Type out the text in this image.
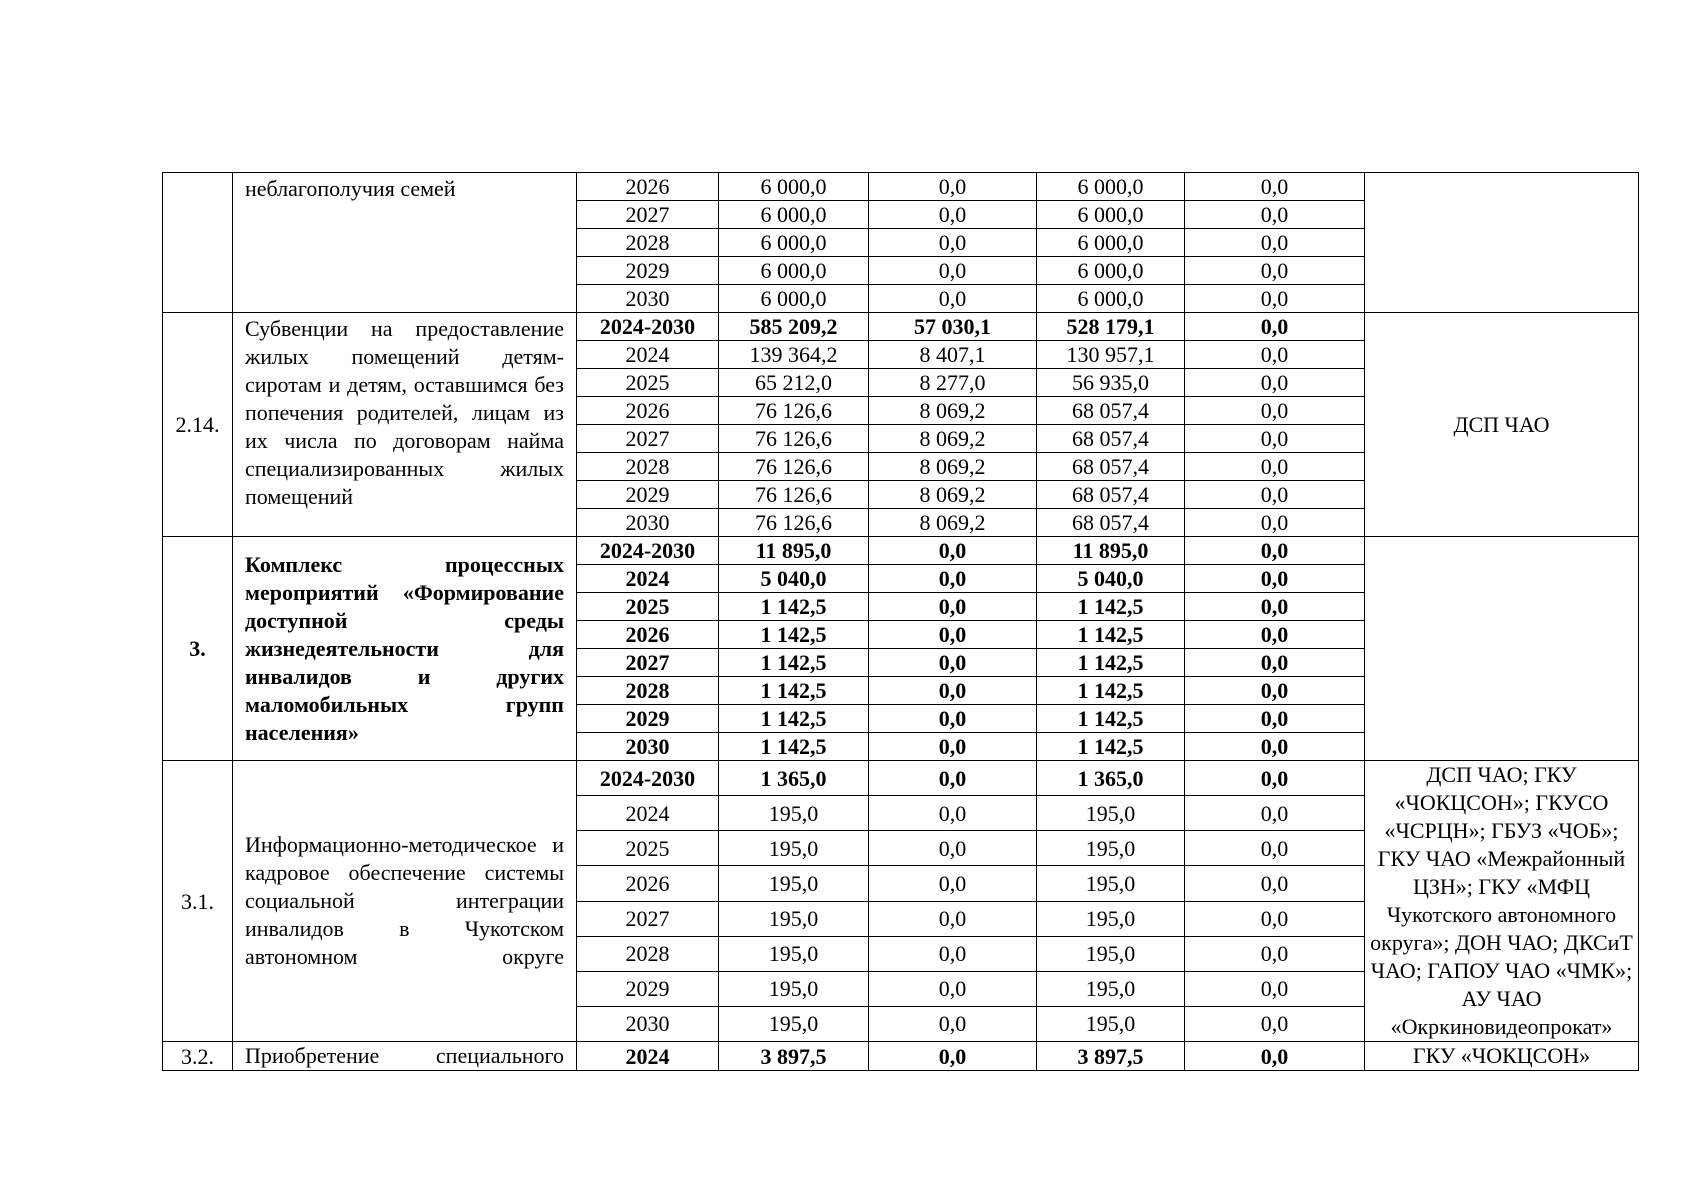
	неблагополучия семей	2026	6 000,0	0,0	6 000,0	0,0	
		2027	6 000,0	0,0	6 000,0	0,0	
		2028	6 000,0	0,0	6 000,0	0,0	
		2029	6 000,0	0,0	6 000,0	0,0	
		2030	6 000,0	0,0	6 000,0	0,0	
2.14.	Субвенции на предоставление жилых помещений детям-сиротам и детям, оставшимся без попечения родителей, лицам из их числа по договорам найма специализированных жилых помещений	2024-2030	585 209,2	57 030,1	528 179,1	0,0	ДСП ЧАО
		2024	139 364,2	8 407,1	130 957,1	0,0	
		2025	65 212,0	8 277,0	56 935,0	0,0	
		2026	76 126,6	8 069,2	68 057,4	0,0	
		2027	76 126,6	8 069,2	68 057,4	0,0	
		2028	76 126,6	8 069,2	68 057,4	0,0	
		2029	76 126,6	8 069,2	68 057,4	0,0	
		2030	76 126,6	8 069,2	68 057,4	0,0	
3.	Комплекс процессных мероприятий «Формирование доступной среды жизнедеятельности для инвалидов и других маломобильных групп населения»	2024-2030	11 895,0	0,0	11 895,0	0,0	
		2024	5 040,0	0,0	5 040,0	0,0	
		2025	1 142,5	0,0	1 142,5	0,0	
		2026	1 142,5	0,0	1 142,5	0,0	
		2027	1 142,5	0,0	1 142,5	0,0	
		2028	1 142,5	0,0	1 142,5	0,0	
		2029	1 142,5	0,0	1 142,5	0,0	
		2030	1 142,5	0,0	1 142,5	0,0	
3.1.	Информационно-методическое и кадровое обеспечение системы социальной интеграции инвалидов в Чукотском автономном округе	2024-2030	1 365,0	0,0	1 365,0	0,0	ДСП ЧАО; ГКУ «ЧОКЦСОН»; ГКУСО «ЧСРЦН»; ГБУЗ «ЧОБ»; ГКУ ЧАО «Межрайонный ЦЗН»; ГКУ «МФЦ Чукотского автономного округа»; ДОН ЧАО; ДКСиТ ЧАО; ГАПОУ ЧАО «ЧМК»; АУ ЧАО «Окркиновидеопрокат»
		2024	195,0	0,0	195,0	0,0	
		2025	195,0	0,0	195,0	0,0	
		2026	195,0	0,0	195,0	0,0	
		2027	195,0	0,0	195,0	0,0	
		2028	195,0	0,0	195,0	0,0	
		2029	195,0	0,0	195,0	0,0	
		2030	195,0	0,0	195,0	0,0	
3.2.	Приобретение специального	2024	3 897,5	0,0	3 897,5	0,0	ГКУ «ЧОКЦСОН»
